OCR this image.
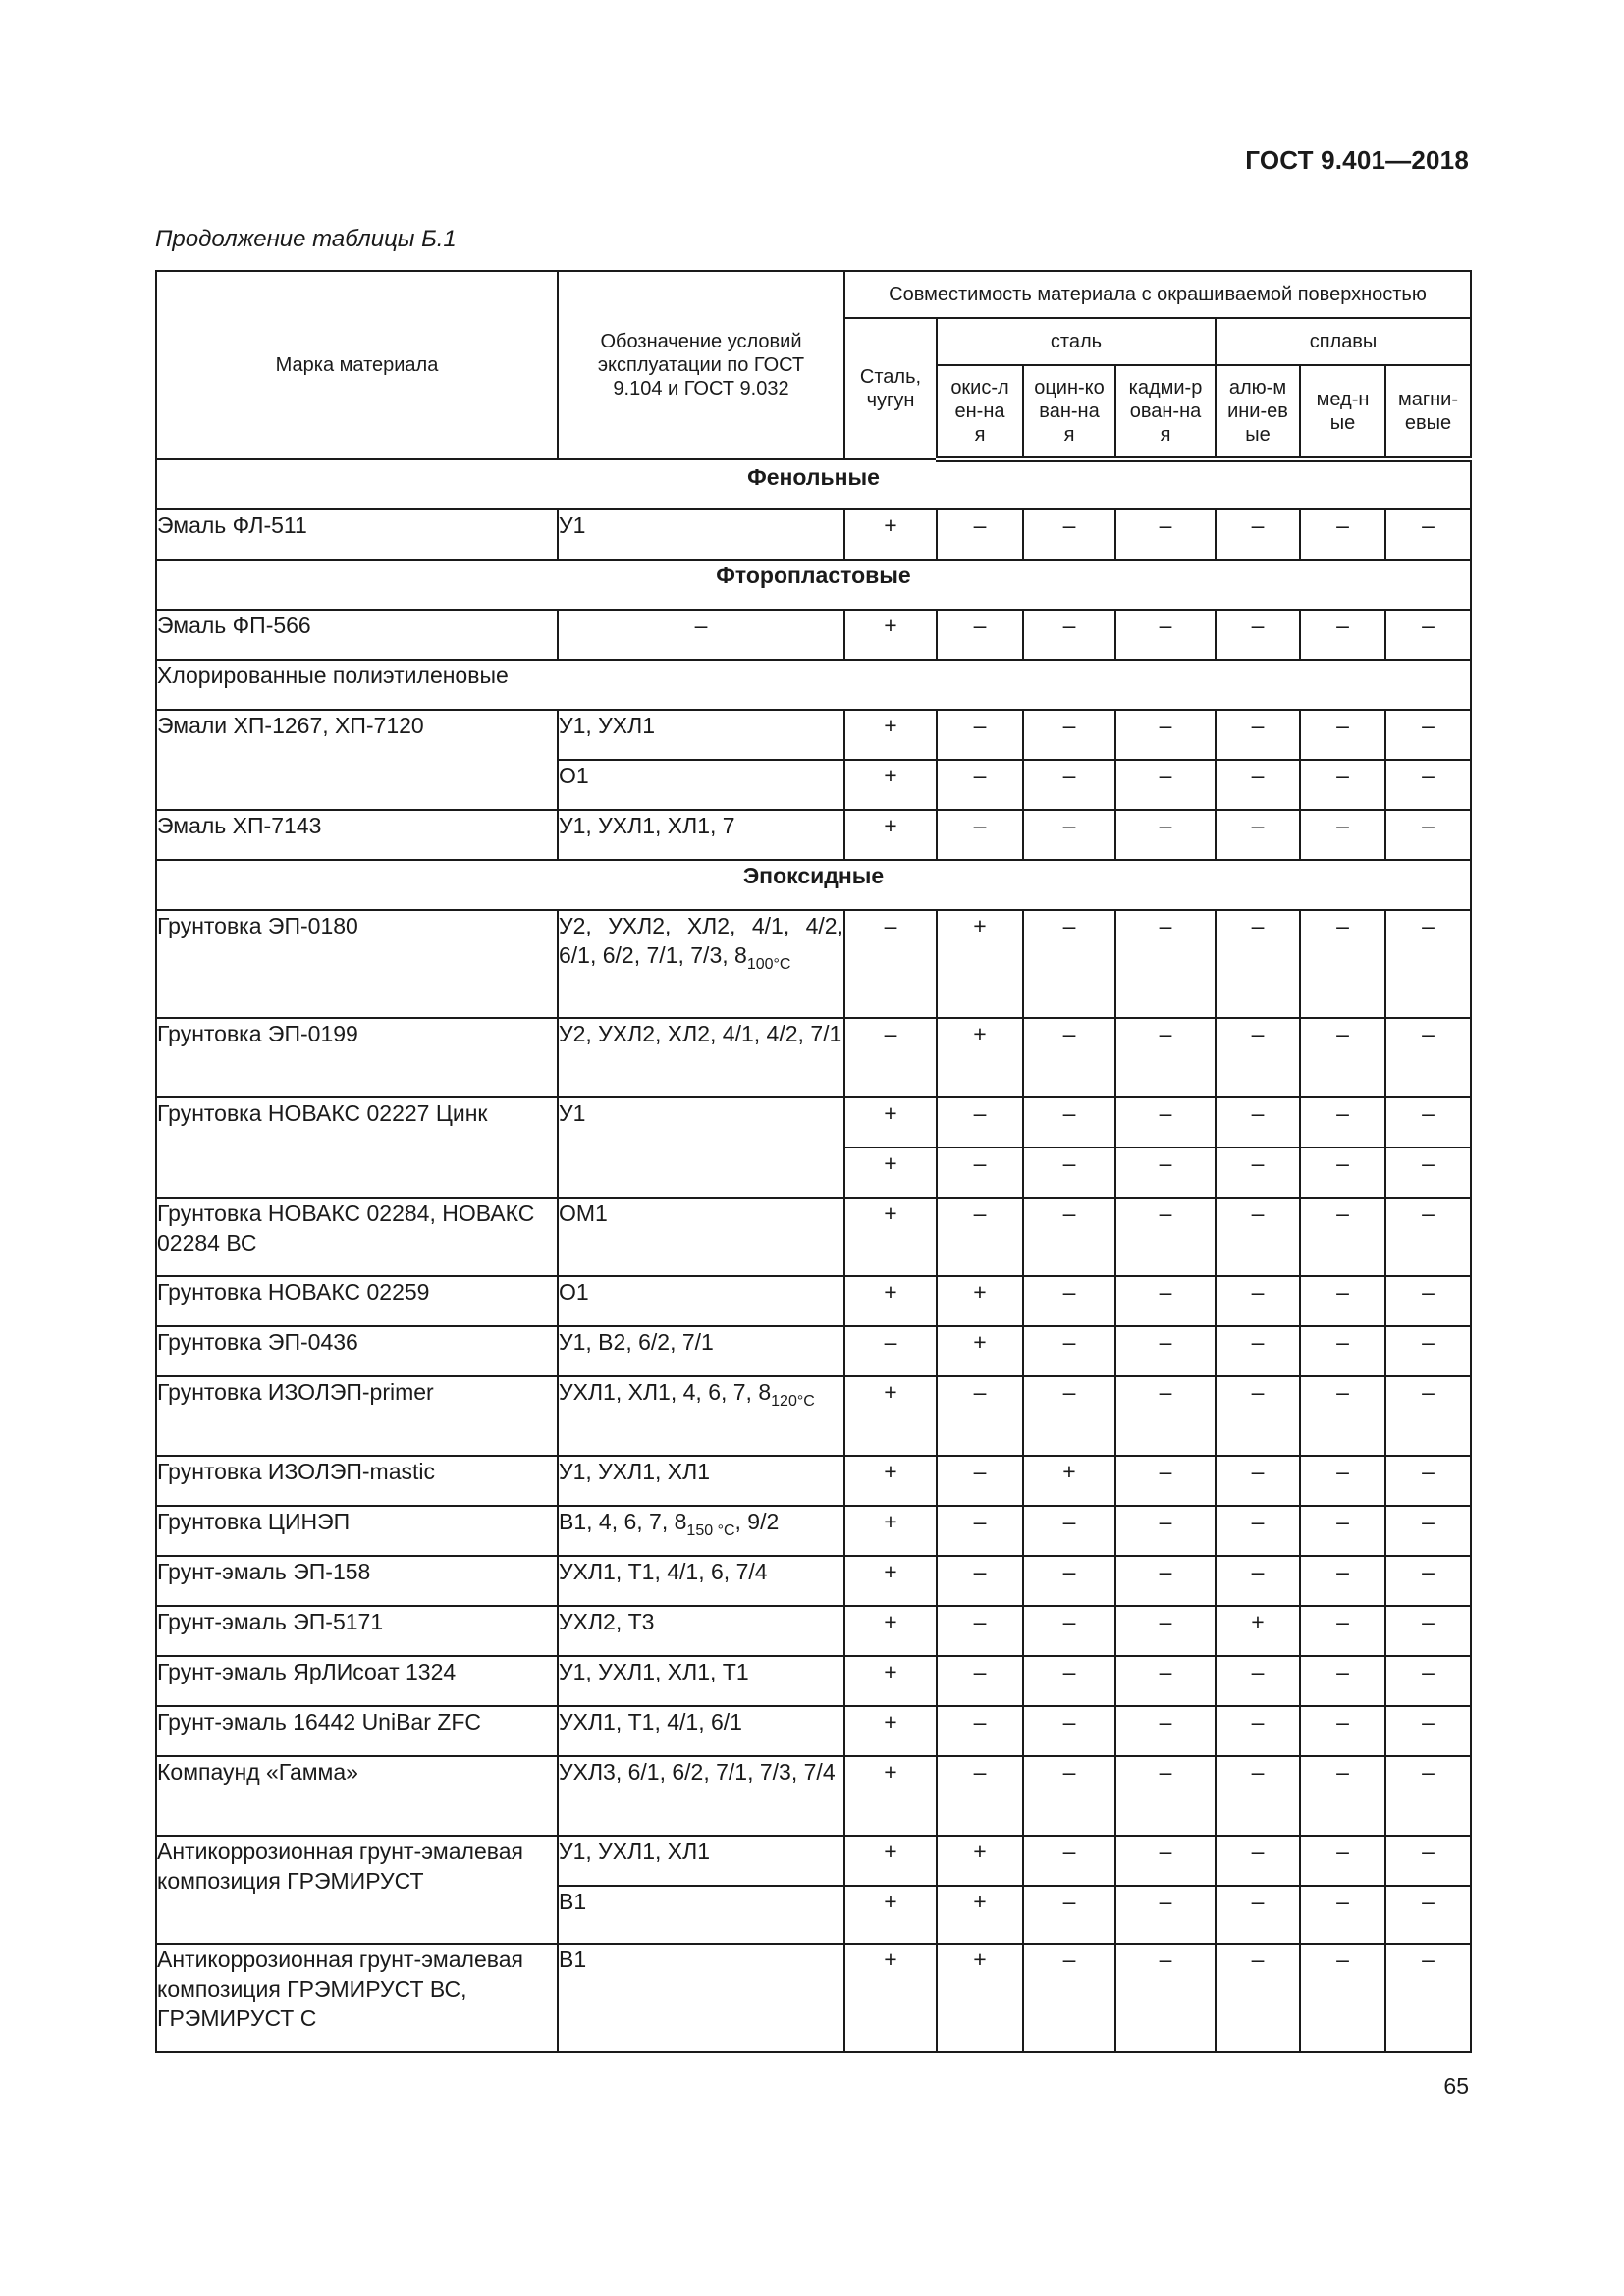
ГОСТ 9.401—2018
Продолжение таблицы Б.1
Марка материала	Обозначение условий эксплуатации по ГОСТ 9.104 и ГОСТ 9.032	Совместимость материала с окрашиваемой поверхностью						
		Сталь, чугун	сталь			сплавы		
			окис-лен-ная	оцин-кован-ная	кадми-рован-ная	алю-мини-евые	мед-ные	магни-евые
Фенольные								
Эмаль ФЛ-511	У1	+	–	–	–	–	–	–
Фторопластовые								
Эмаль ФП-566	–	+	–	–	–	–	–	–
Хлорированные полиэтиленовые								
Эмали ХП-1267, ХП-7120	У1, УХЛ1	+	–	–	–	–	–	–
	О1	+	–	–	–	–	–	–
Эмаль ХП-7143	У1, УХЛ1, ХЛ1, 7	+	–	–	–	–	–	–
Эпоксидные								
Грунтовка ЭП-0180	У2, УХЛ2, ХЛ2, 4/1, 4/2, 6/1, 6/2, 7/1, 7/3, $8_{100^\circ С}$	–	+	–	–	–	–	–
Грунтовка ЭП-0199	У2, УХЛ2, ХЛ2, 4/1, 4/2, 7/1	–	+	–	–	–	–	–
Грунтовка НОВАКС 02227 Цинк	У1	+	–	–	–	–	–	–
		+	–	–	–	–	–	–
Грунтовка НОВАКС 02284, НОВАКС 02284 ВС	ОМ1	+	–	–	–	–	–	–
Грунтовка НОВАКС 02259	О1	+	+	–	–	–	–	–
Грунтовка ЭП-0436	У1, В2, 6/2, 7/1	–	+	–	–	–	–	–
Грунтовка ИЗОЛЭП-primer	УХЛ1, ХЛ1, 4, 6, 7, $8_{120^\circ С}$	+	–	–	–	–	–	–
Грунтовка ИЗОЛЭП-mastic	У1, УХЛ1, ХЛ1	+	–	+	–	–	–	–
Грунтовка ЦИНЭП	В1, 4, 6, 7, $8_{150 ^\circ С}$, 9/2	+	–	–	–	–	–	–
Грунт-эмаль ЭП-158	УХЛ1, Т1, 4/1, 6, 7/4	+	–	–	–	–	–	–
Грунт-эмаль ЭП-5171	УХЛ2, Т3	+	–	–	–	+	–	–
Грунт-эмаль ЯрЛИсоат 1324	У1, УХЛ1, ХЛ1, Т1	+	–	–	–	–	–	–
Грунт-эмаль 16442 UniBar ZFC	УХЛ1, Т1, 4/1, 6/1	+	–	–	–	–	–	–
Компаунд «Гамма»	УХЛ3, 6/1, 6/2, 7/1, 7/3, 7/4	+	–	–	–	–	–	–
Антикоррозионная грунт-эмалевая композиция ГРЭМИРУСТ	У1, УХЛ1, ХЛ1	+	+	–	–	–	–	–
	В1	+	+	–	–	–	–	–
Антикоррозионная грунт-эмалевая композиция ГРЭМИРУСТ ВС, ГРЭМИРУСТ С	В1	+	+	–	–	–	–	–
65
